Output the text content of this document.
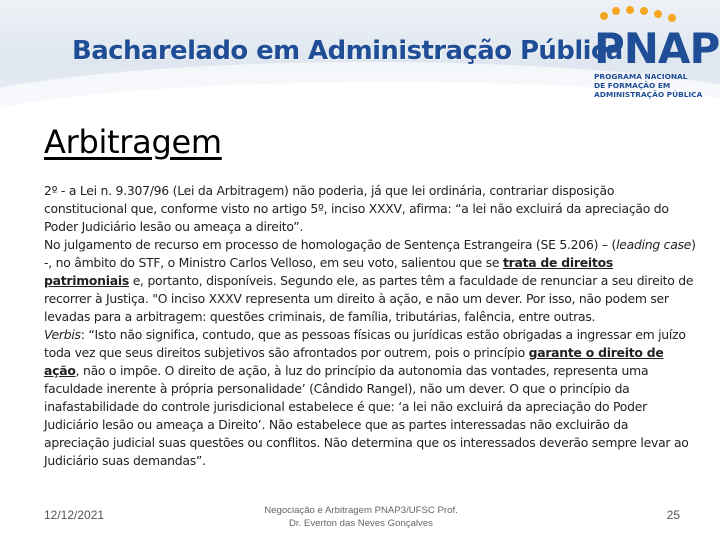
Bacharelado em Administração Pública
PNAP
PROGRAMA NACIONAL
DE FORMAÇÃO EM
ADMINISTRAÇÃO PÚBLICA
Arbitragem

2º - a Lei n. 9.307/96 (Lei da Arbitragem) não poderia, já que lei ordinária, contrariar disposição constitucional que, conforme visto no artigo 5º, inciso XXXV, afirma: “a lei não excluirá da apreciação do Poder Judiciário lesão ou ameaça a direito”.

No julgamento de recurso em processo de homologação de Sentença Estrangeira (SE 5.206) – (leading case) -, no âmbito do STF, o Ministro Carlos Velloso, em seu voto, salientou que se trata de direitos patrimoniais e, portanto, disponíveis. Segundo ele, as partes têm a faculdade de renunciar a seu direito de recorrer à Justiça. "O inciso XXXV representa um direito à ação, e não um dever. Por isso, não podem ser levadas para a arbitragem: questões criminais, de família, tributárias, falência, entre outras.

Verbis: “Isto não significa, contudo, que as pessoas físicas ou jurídicas estão obrigadas a ingressar em juízo toda vez que seus direitos subjetivos são afrontados por outrem, pois o princípio garante o direito de ação, não o impõe. O direito de ação, à luz do princípio da autonomia das vontades, representa uma faculdade inerente à própria personalidade’ (Cândido Rangel), não um dever. O que o princípio da inafastabilidade do controle jurisdicional estabelece é que: ‘a lei não excluirá da apreciação do Poder Judiciário lesão ou ameaça a Direito’. Não estabelece que as partes interessadas não excluirão da apreciação judicial suas questões ou conflitos. Não determina que os interessados deverão sempre levar ao Judiciário suas demandas”.

12/12/2021	Negociação e Arbitragem PNAP3/UFSC Prof.
Dr. Everton das Neves Gonçalves
25
